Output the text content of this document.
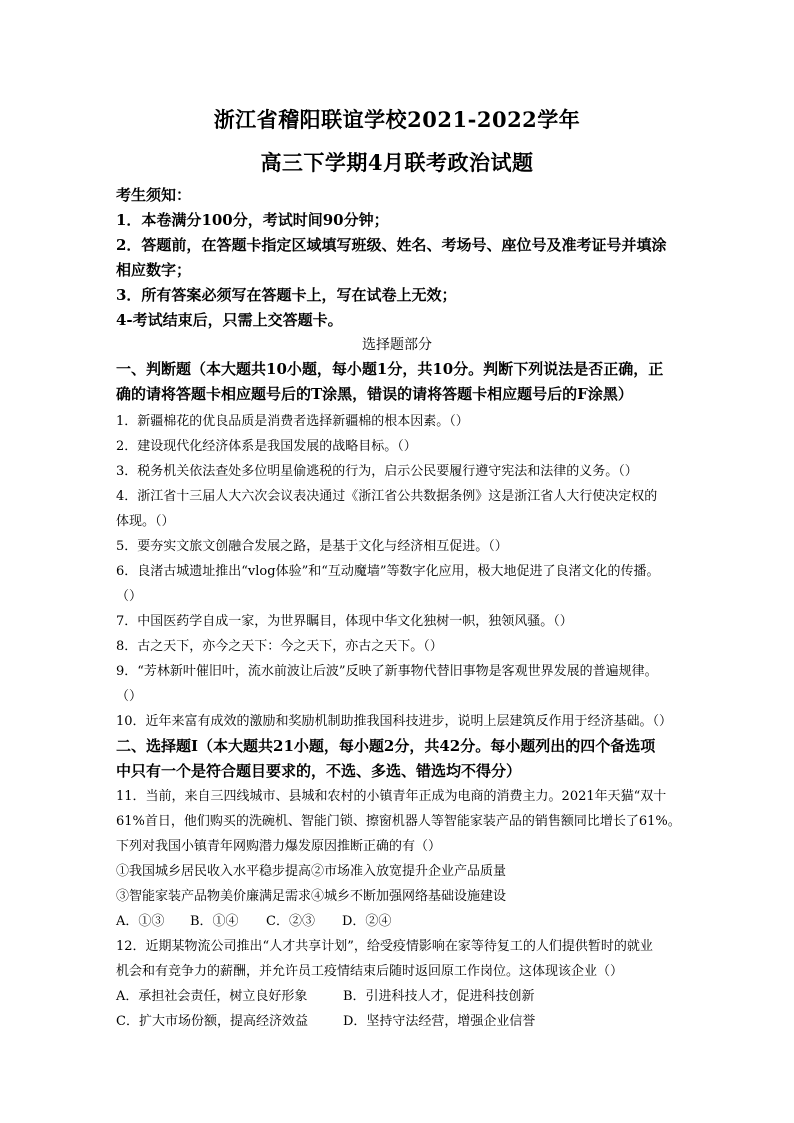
浙江省稽阳联谊学校2021-2022学年
高三下学期4月联考政治试题
考生须知：
1．本卷满分100分，考试时间90分钟；
2．答题前，在答题卡指定区域填写班级、姓名、考场号、座位号及准考证号并填涂
相应数字；
3．所有答案必须写在答题卡上，写在试卷上无效；
4-考试结束后，只需上交答题卡。
选择题部分
一、判断题（本大题共10小题，每小题1分，共10分。判断下列说法是否正确，正
确的请将答题卡相应题号后的T涂黑，错误的请将答题卡相应题号后的F涂黑）
1．新疆棉花的优良品质是消费者选择新疆棉的根本因素。（）
2．建设现代化经济体系是我国发展的战略目标。（）
3．税务机关依法查处多位明星偷逃税的行为，启示公民要履行遵守宪法和法律的义务。（）
4．浙江省十三届人大六次会议表决通过《浙江省公共数据条例》这是浙江省人大行使决定权的
体现。（）
5．要夯实文旅文创融合发展之路，是基于文化与经济相互促进。（）
6．良渚古城遗址推出“vlog体验”和“互动魔墙”等数字化应用，极大地促进了良渚文化的传播。
（）
7．中国医药学自成一家，为世界瞩目，体现中华文化独树一帜，独领风骚。（）
8．古之天下，亦今之天下：今之天下，亦古之天下。（）
9．“芳林新叶催旧叶，流水前波让后波”反映了新事物代替旧事物是客观世界发展的普遍规律。
（）
10．近年来富有成效的激励和奖励机制助推我国科技进步，说明上层建筑反作用于经济基础。（）
二、选择题Ⅰ（本大题共21小题，每小题2分，共42分。每小题列出的四个备选项
中只有一个是符合题目要求的，不选、多选、错选均不得分）
11．当前，来自三四线城市、县城和农村的小镇青年正成为电商的消费主力。2021年天猫“双十
61%首日，他们购买的洗碗机、智能门锁、擦窗机器人等智能家装产品的销售额同比增长了61%。
下列对我国小镇青年网购潜力爆发原因推断正确的有（）
①我国城乡居民收入水平稳步提高②市场准入放宽提升企业产品质量
③智能家装产品物美价廉满足需求④城乡不断加强网络基础设施建设
A．①③ B．①④ C．②③ D．②④
12．近期某物流公司推出“人才共享计划”，给受疫情影响在家等待复工的人们提供暂时的就业
机会和有竞争力的薪酬，并允许员工疫情结束后随时返回原工作岗位。这体现该企业（）
A．承担社会责任，树立良好形象	B．引进科技人才，促进科技创新
C．扩大市场份额，提高经济效益	D．坚持守法经营，增强企业信誉
